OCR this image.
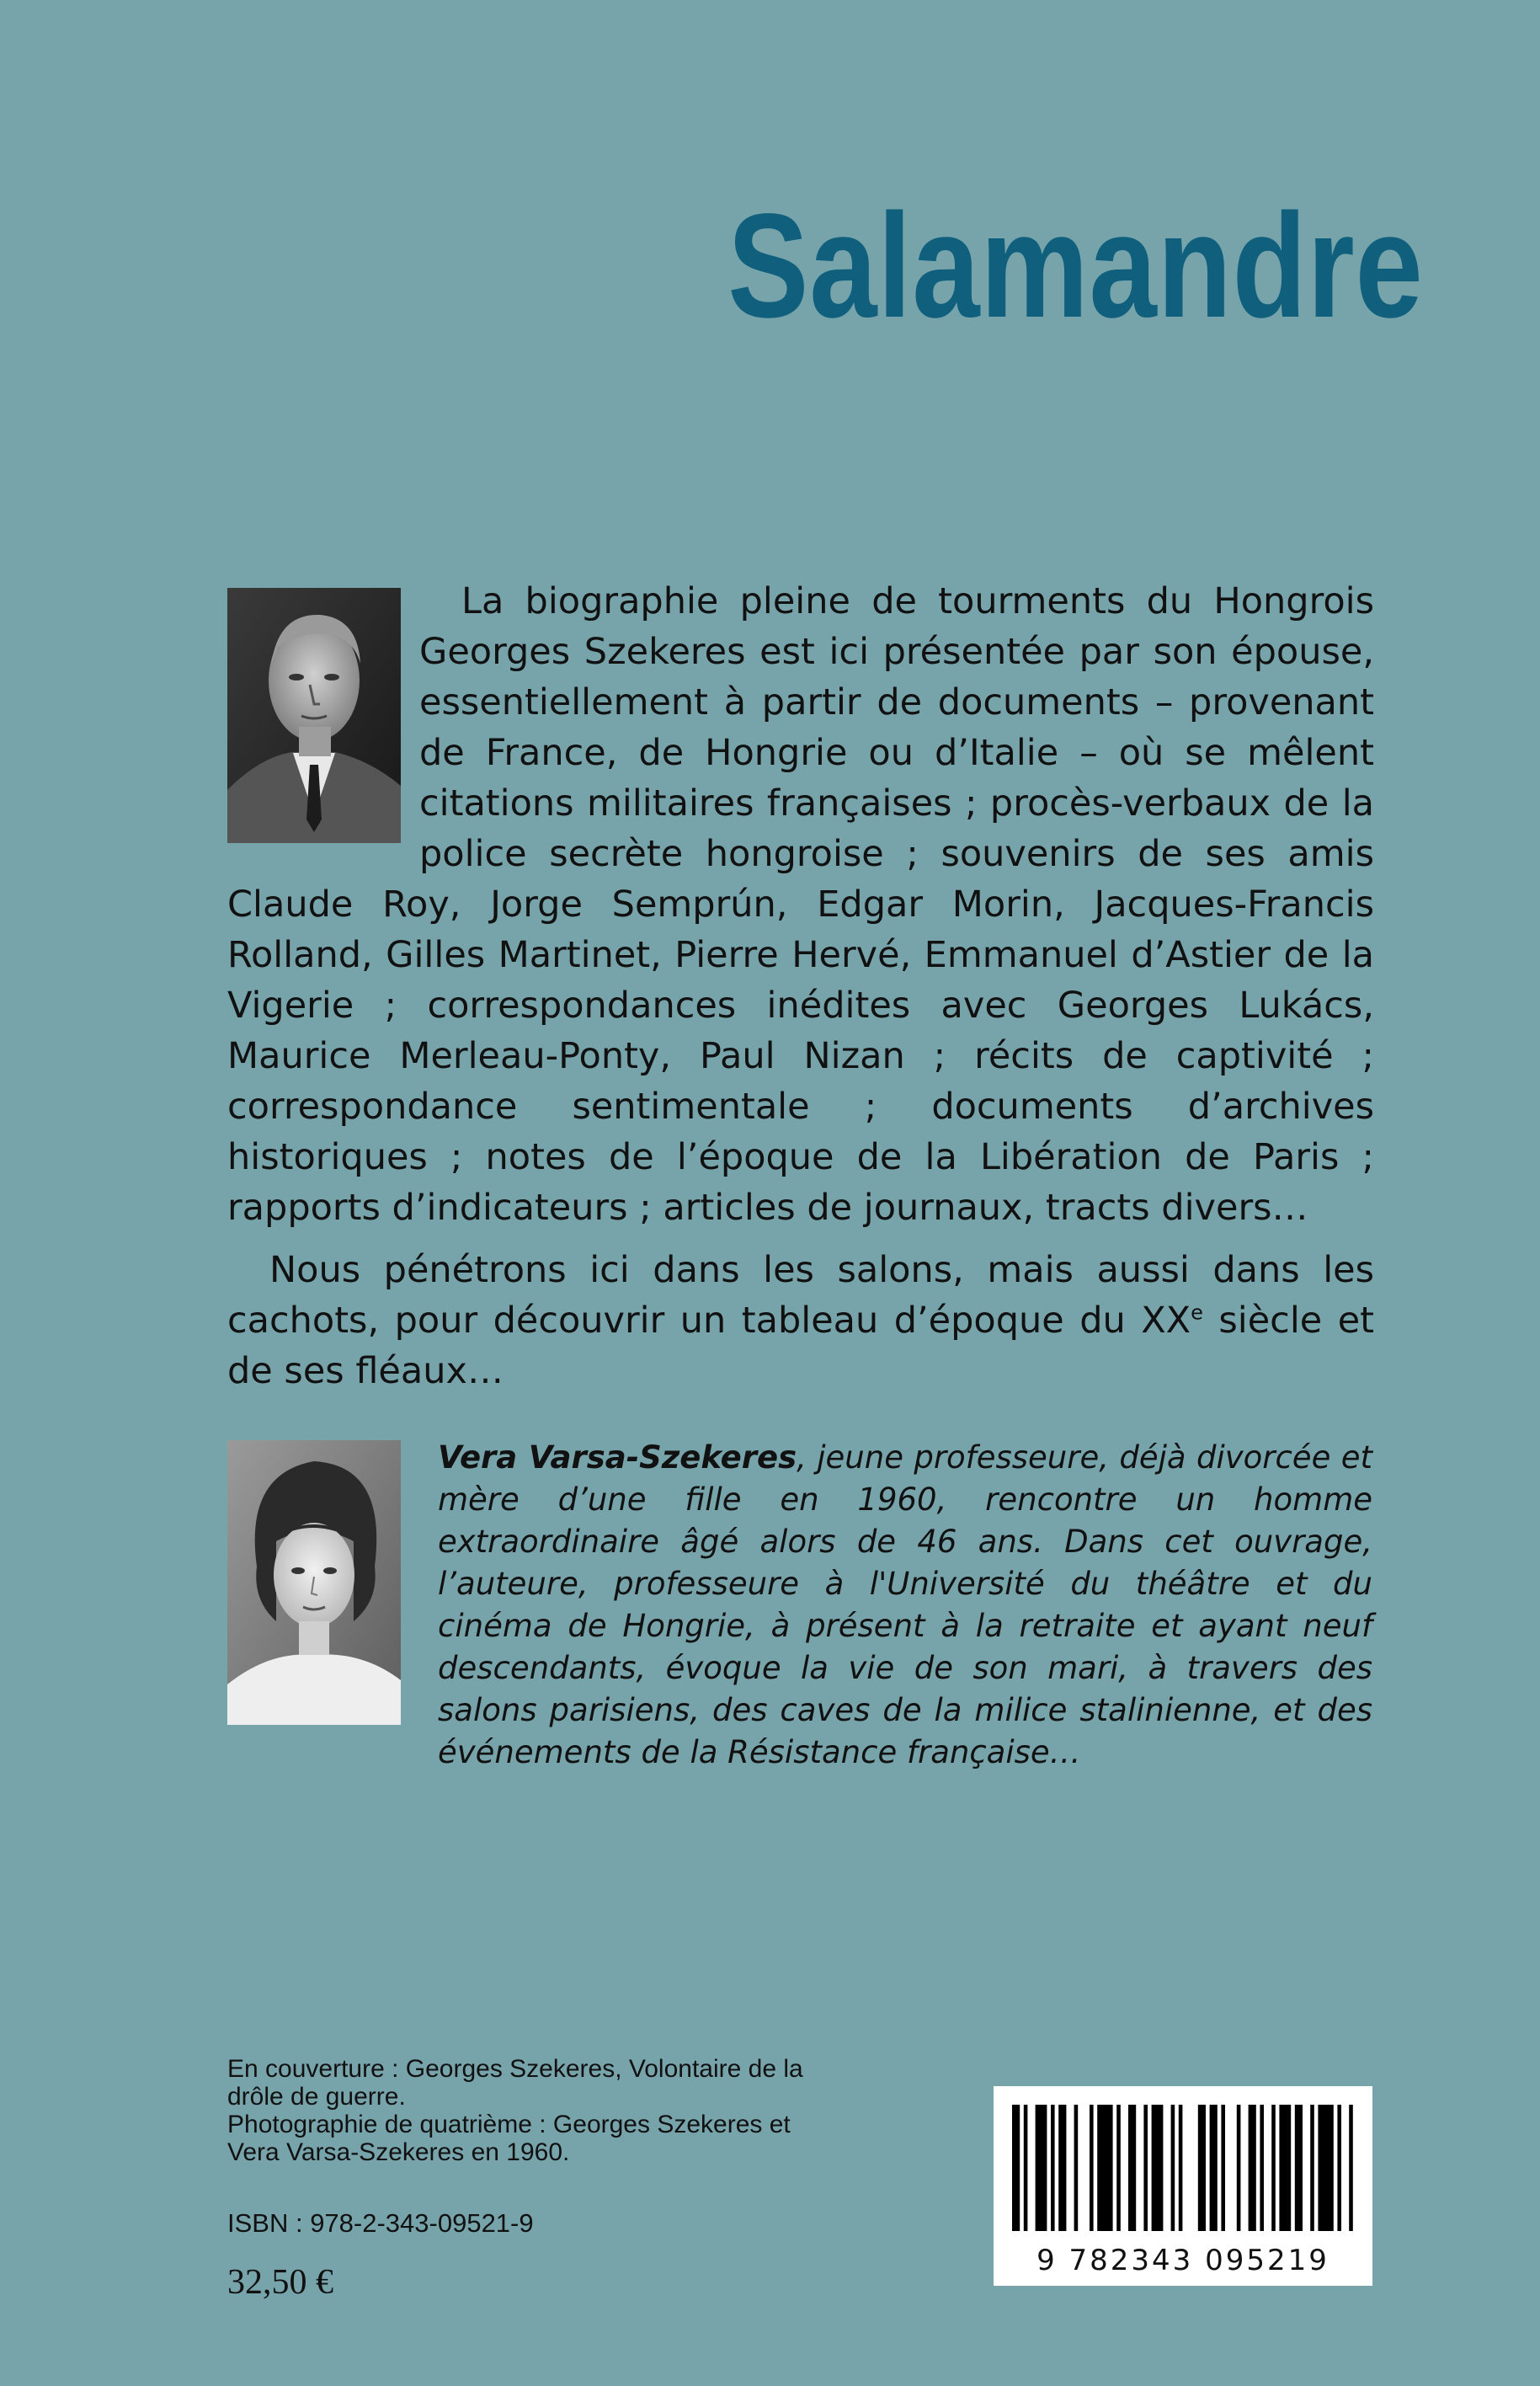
Salamandre

La biographie pleine de tourments du Hongrois Georges Szekeres est ici présentée par son épouse, essentiellement à partir de documents – provenant de France, de Hongrie ou d’Italie – où se mêlent citations militaires françaises ; procès-verbaux de la police secrète hongroise ; souvenirs de ses amis Claude Roy, Jorge Semprún, Edgar Morin, Jacques-Francis Rolland, Gilles Martinet, Pierre Hervé, Emmanuel d’Astier de la Vigerie ; correspondances inédites avec Georges Lukács, Maurice Merleau-Ponty, Paul Nizan ; récits de captivité ; correspondance sentimentale ; documents d’archives historiques ; notes de l’époque de la Libération de Paris ; rapports d’indicateurs ; articles de journaux, tracts divers…

Nous pénétrons ici dans les salons, mais aussi dans les cachots, pour découvrir un tableau d’époque du XXe siècle et de ses fléaux…

Vera Varsa-Szekeres, jeune professeure, déjà divorcée et mère d’une fille en 1960, rencontre un homme extraordinaire âgé alors de 46 ans. Dans cet ouvrage, l’auteure, professeure à l'Université du théâtre et du cinéma de Hongrie, à présent à la retraite et ayant neuf descendants, évoque la vie de son mari, à travers des salons parisiens, des caves de la milice stalinienne, et des événements de la Résistance française…
En couverture : Georges Szekeres, Volontaire de la drôle de guerre.
Photographie de quatrième : Georges Szekeres et Vera Varsa-Szekeres en 1960.
ISBN : 978-2-343-09521-9
32,50 €
9 782343 095219
